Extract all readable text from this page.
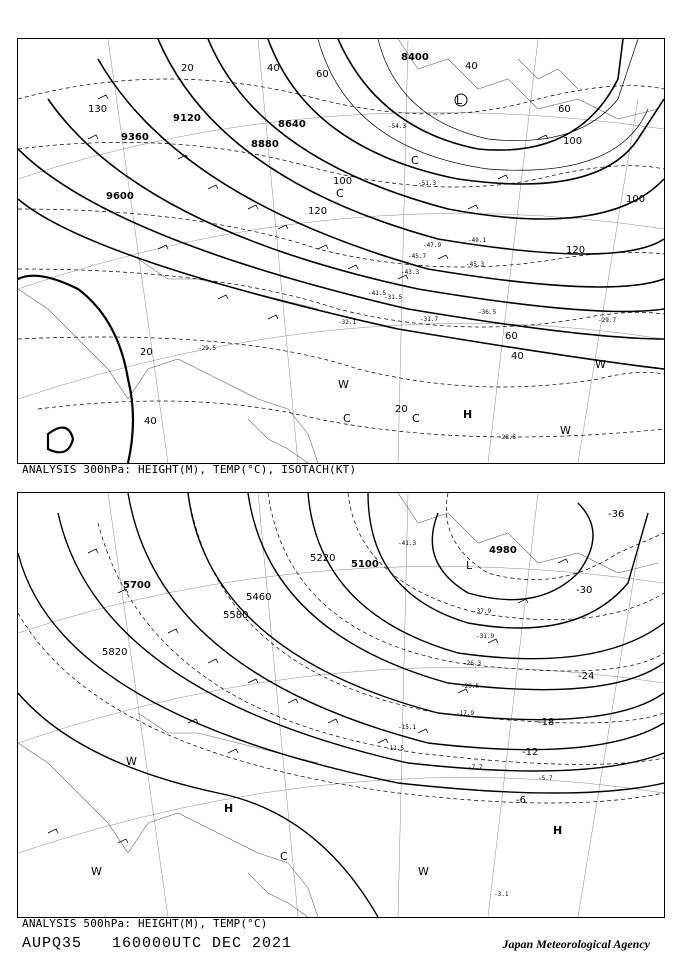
8400
8640
8880
9120
9360
9600
20	40
60
100
120
130
40
60
100
120
100
60
40
20
40
20
-54.3
-51.3
-49.1
-47.9
-45.7
-45.3
-43.3
-41.5
-36.5
-32.1	-31.7
-31.5
-29.7
-29.5
-28.5
L
C
C
W
C	C	H
W
W
ANALYSIS 300hPa: HEIGHT(M), TEMP(°C), ISOTACH(KT)
4980
5100
5220
5460
5580
5700
5820
-36
-30
-24
-18
-12
-6
-41.3
-37.9
-31.9
-26.3
-20.5
-17.9
-15.1
-11.5
-7.7
-5.7
-3.1
L
W
H
H
W
C
W
ANALYSIS 500hPa: HEIGHT(M), TEMP(°C)
AUPQ35   160000UTC DEC 2021	Japan Meteorological Agency
